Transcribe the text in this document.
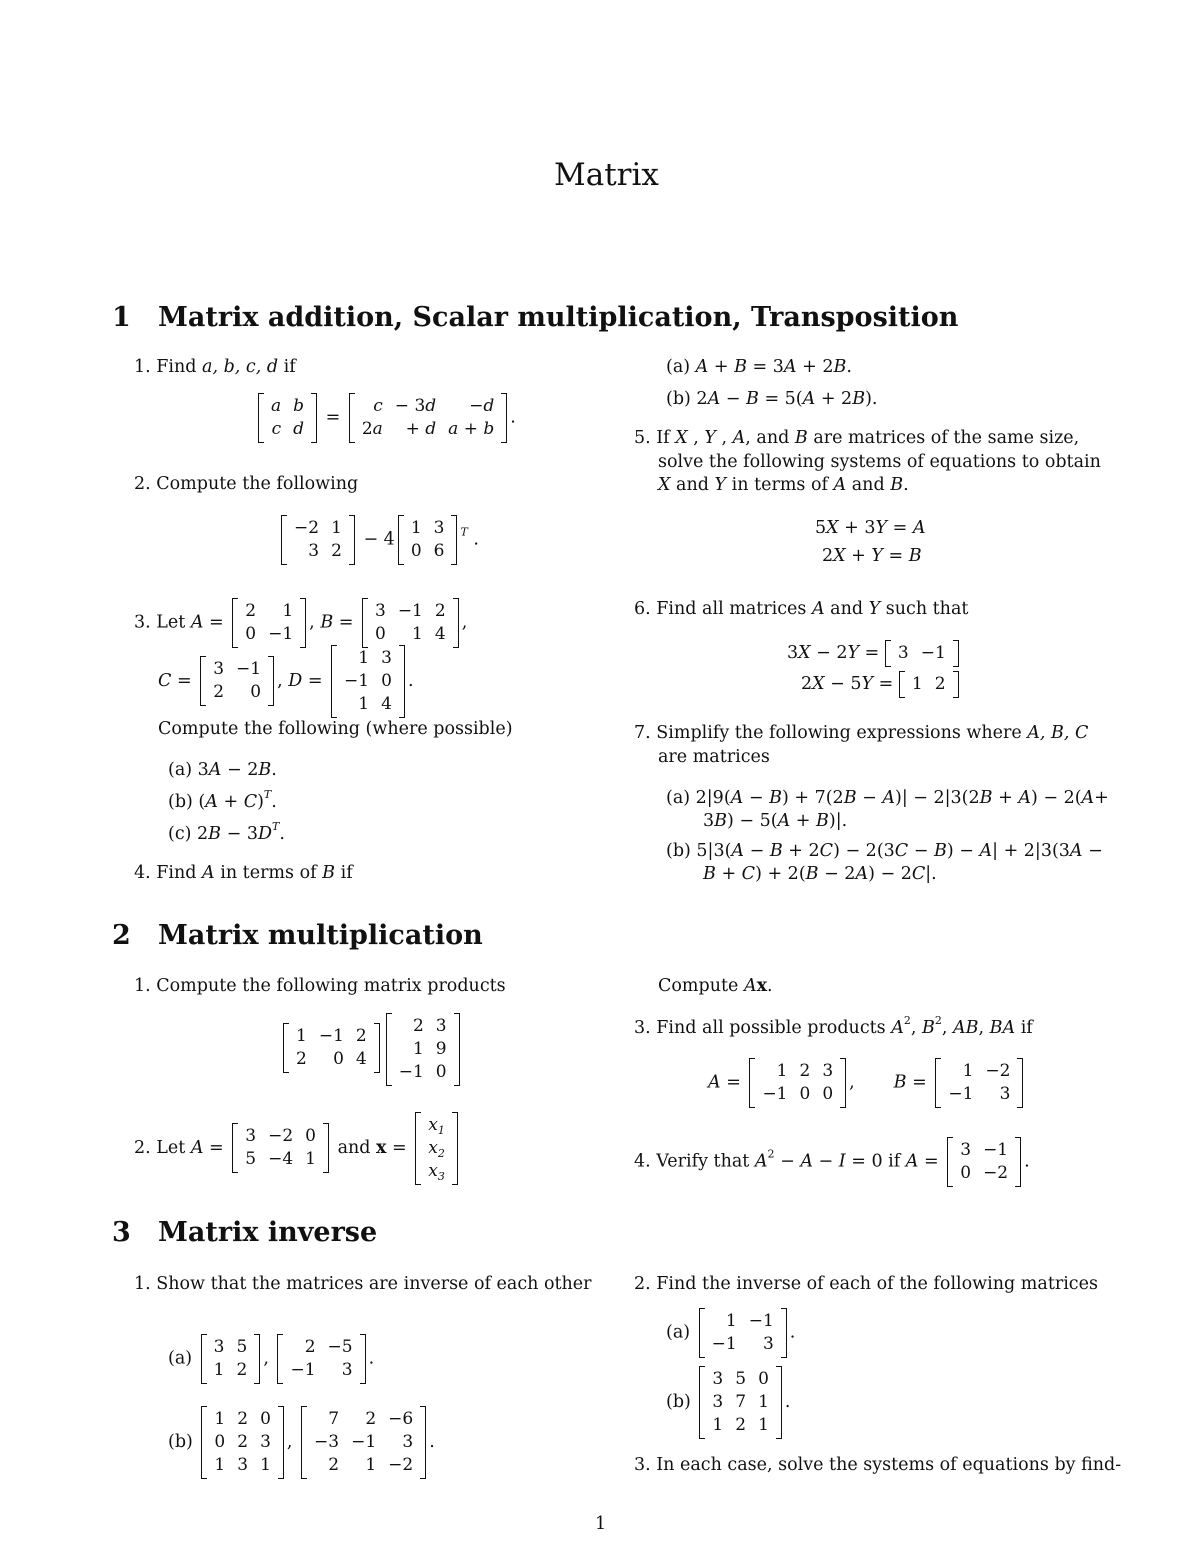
Matrix
1 Matrix addition, Scalar multiplication, Transposition
1. Find a, b, c, d if
a	b
c	d
=
c	− 3d	−d
2a	+ d	a + b
.
2. Compute the following
−2	1
3	2
− 4
1	3
0	6
$^T$ .
3. Let A =
2	1
0	−1
, B =
3	−1	2
0	1	4
,
C =
3	−1
2	0
, D =
1	3
−1	0
1	4
.
Compute the following (where possible)
(a) 3A − 2B.
(b) $(A + C)^T$.
(c) $2B - 3D^T$.
4. Find A in terms of B if
(a) A + B = 3A + 2B.
(b) 2A − B = 5(A + 2B).
5. If X , Y , A, and B are matrices of the same size,
solve the following systems of equations to obtain
X and Y in terms of A and B.
5X + 3Y = A
2X + Y = B
6. Find all matrices A and Y such that
3X − 2Y = 3	−1
2X − 5Y = 1	2
7. Simplify the following expressions where A, B, C
are matrices
(a) 2|9(A − B) + 7(2B − A)| − 2|3(2B + A) − 2(A+
3B) − 5(A + B)|.
(b) 5|3(A − B + 2C) − 2(3C − B) − A| + 2|3(3A −
B + C) + 2(B − 2A) − 2C|.
2 Matrix multiplication
1. Compute the following matrix products
1	−1	2
2	0	4
2	3
1	9
−1	0
2. Let A =
3	−2	0
5	−4	1
and x =
$x_1$
$x_2$
$x_3$
Compute Ax.
3. Find all possible products $A^2$, $B^2$, AB, BA if
A =
1	2	3
−1	0	0
,       B =
1	−2
−1	3
4. Verify that $A^2 - A - I = 0$ if A =
3	−1
0	−2
.
3 Matrix inverse
1. Show that the matrices are inverse of each other
(a)
3	5
1	2
,
2	−5
−1	3
.
(b)
1	2	0
0	2	3
1	3	1
,
7	2	−6
−3	−1	3
2	1	−2
.
2. Find the inverse of each of the following matrices
(a)
1	−1
−1	3
.
(b)
3	5	0
3	7	1
1	2	1
.
3. In each case, solve the systems of equations by find-
1
